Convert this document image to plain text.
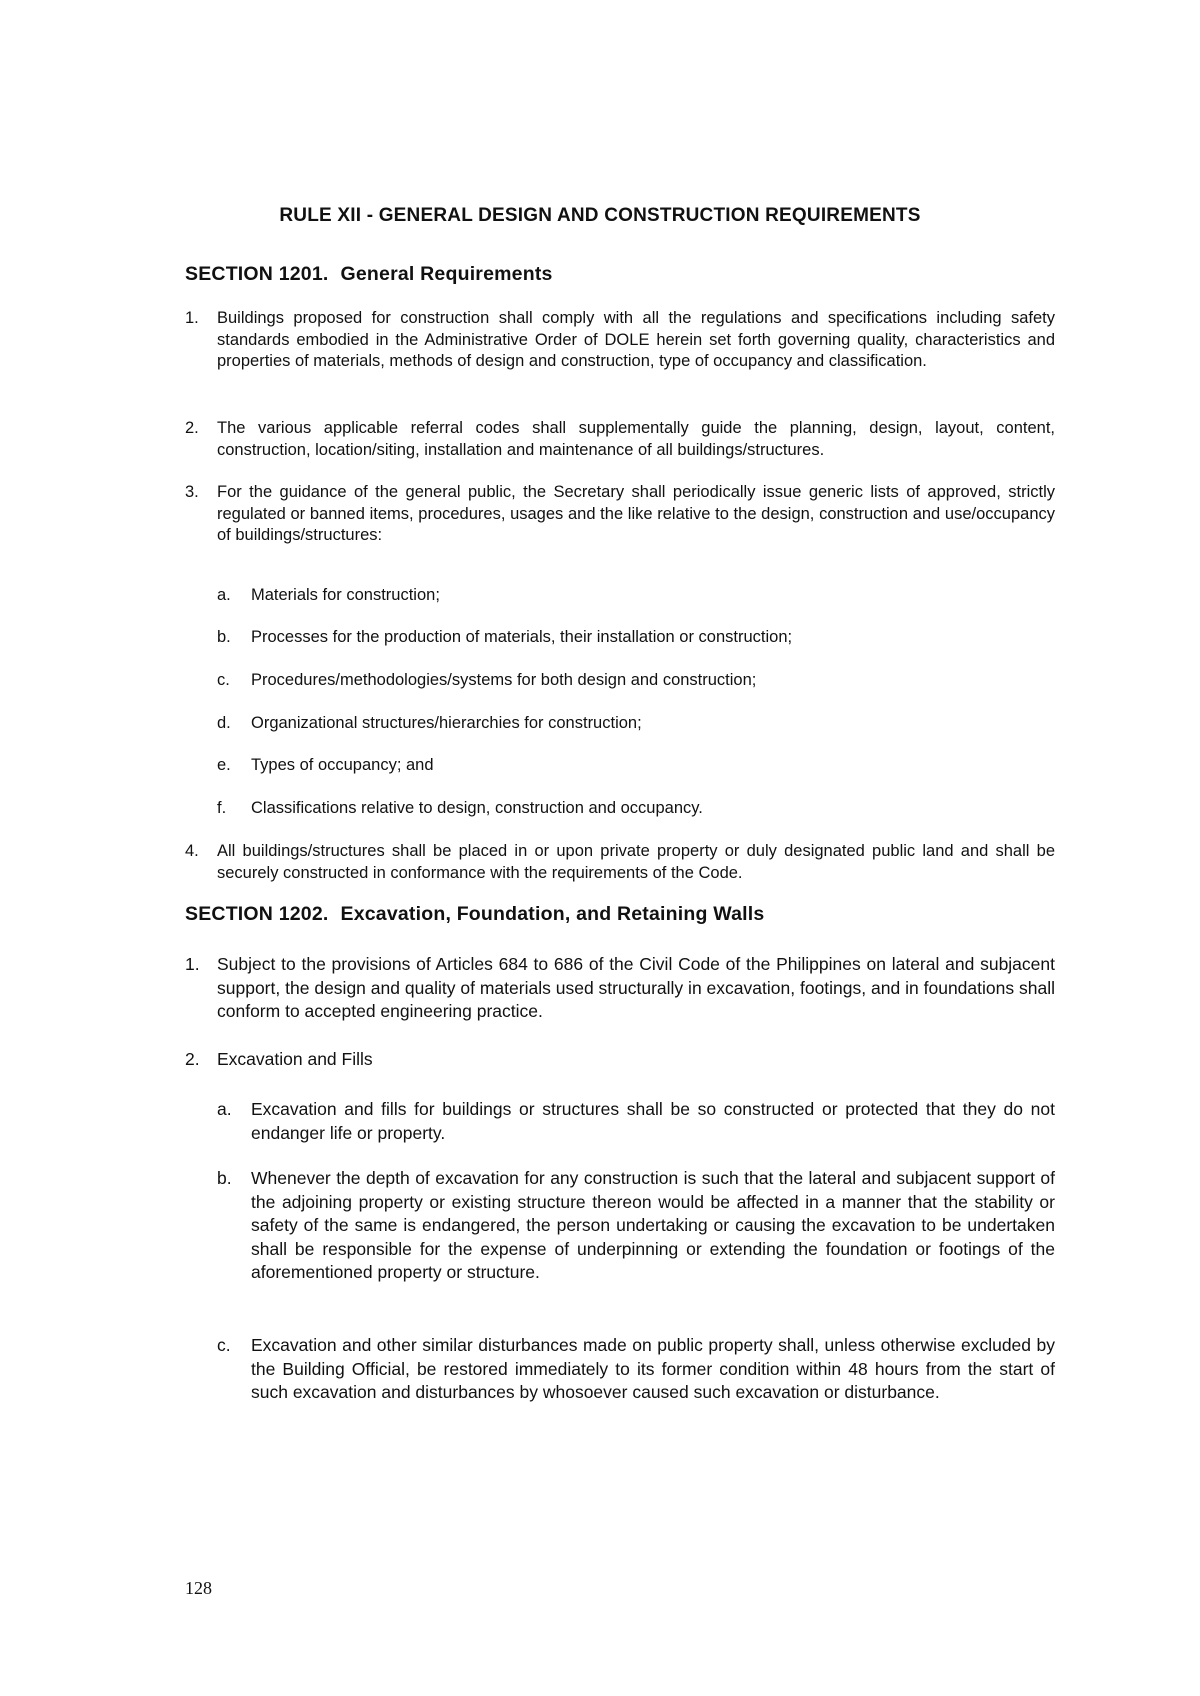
RULE XII - GENERAL DESIGN AND CONSTRUCTION REQUIREMENTS
SECTION 1201. General Requirements
1. Buildings proposed for construction shall comply with all the regulations and specifications including safety standards embodied in the Administrative Order of DOLE herein set forth governing quality, characteristics and properties of materials, methods of design and construction, type of occupancy and classification.
2. The various applicable referral codes shall supplementally guide the planning, design, layout, content, construction, location/siting, installation and maintenance of all buildings/structures.
3. For the guidance of the general public, the Secretary shall periodically issue generic lists of approved, strictly regulated or banned items, procedures, usages and the like relative to the design, construction and use/occupancy of buildings/structures:
a. Materials for construction;
b. Processes for the production of materials, their installation or construction;
c. Procedures/methodologies/systems for both design and construction;
d. Organizational structures/hierarchies for construction;
e. Types of occupancy; and
f. Classifications relative to design, construction and occupancy.
4. All buildings/structures shall be placed in or upon private property or duly designated public land and shall be securely constructed in conformance with the requirements of the Code.
SECTION 1202. Excavation, Foundation, and Retaining Walls
1. Subject to the provisions of Articles 684 to 686 of the Civil Code of the Philippines on lateral and subjacent support, the design and quality of materials used structurally in excavation, footings, and in foundations shall conform to accepted engineering practice.
2. Excavation and Fills
a. Excavation and fills for buildings or structures shall be so constructed or protected that they do not endanger life or property.
b. Whenever the depth of excavation for any construction is such that the lateral and subjacent support of the adjoining property or existing structure thereon would be affected in a manner that the stability or safety of the same is endangered, the person undertaking or causing the excavation to be undertaken shall be responsible for the expense of underpinning or extending the foundation or footings of the aforementioned property or structure.
c. Excavation and other similar disturbances made on public property shall, unless otherwise excluded by the Building Official, be restored immediately to its former condition within 48 hours from the start of such excavation and disturbances by whosoever caused such excavation or disturbance.
128
